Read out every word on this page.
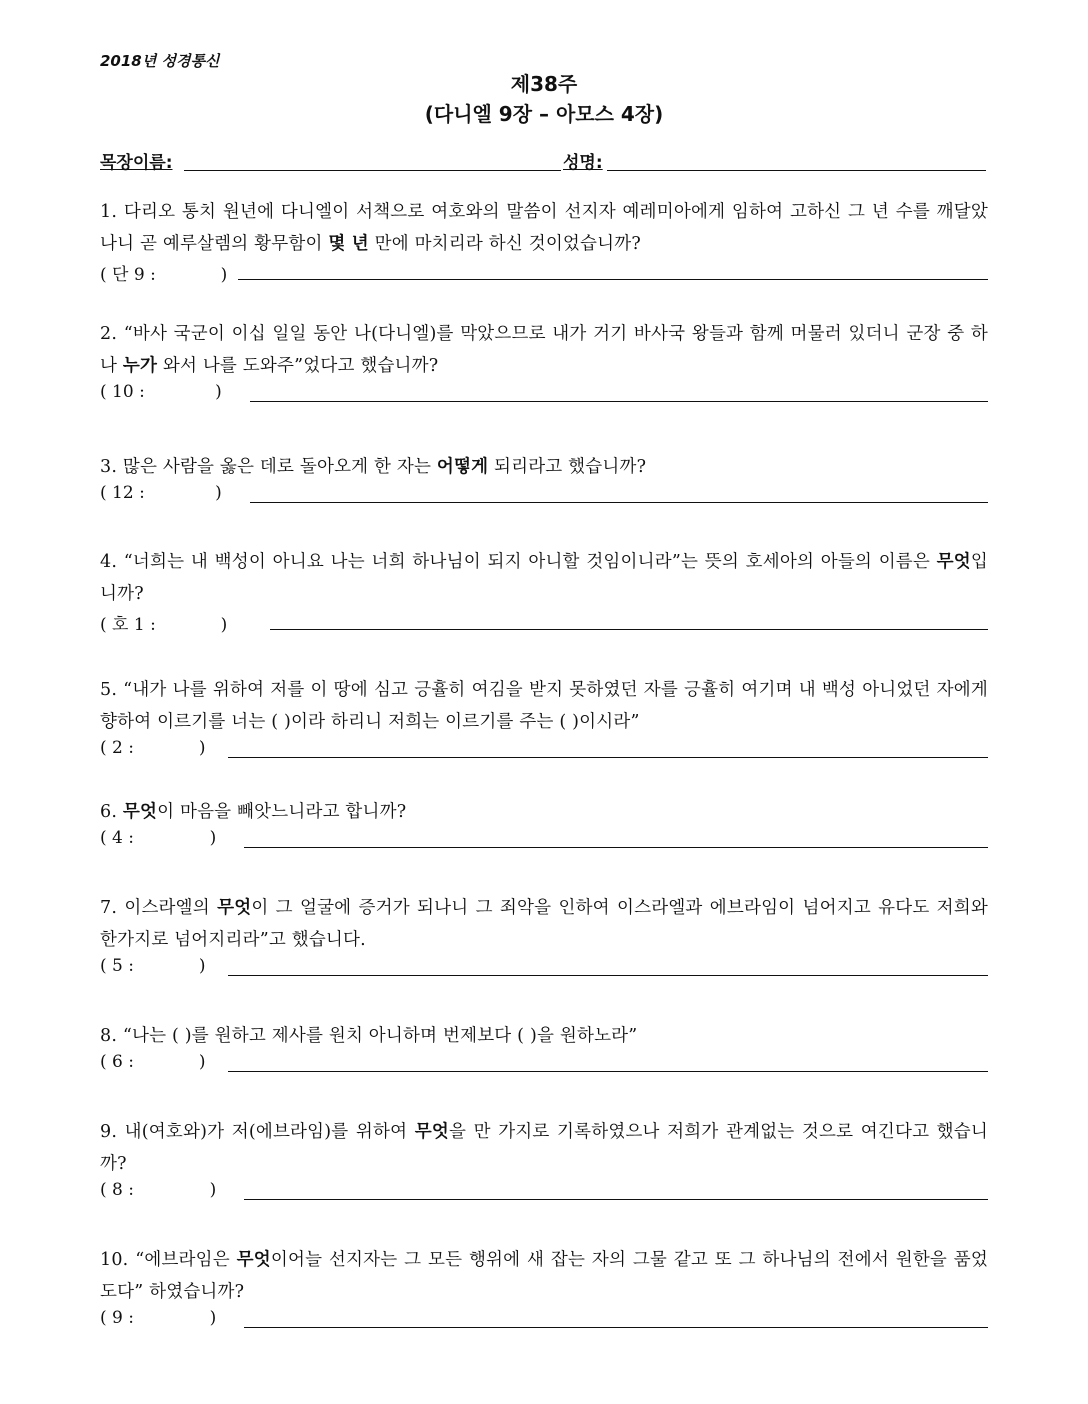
2018년 성경통신
제38주
(다니엘 9장 – 아모스 4장)
목장이름:	성명:
1. 다리오 통치 원년에 다니엘이 서책으로 여호와의 말씀이 선지자 예레미아에게 임하여 고하신 그 년 수를 깨달았나니 곧 예루살렘의 황무함이 몇 년 만에 마치리라 하신 것이었습니까?
( 단 9 :	)
2. “바사 국군이 이십 일일 동안 나(다니엘)를 막았으므로 내가 거기 바사국 왕들과 함께 머물러 있더니 군장 중 하나 누가 와서 나를 도와주”었다고 했습니까?
( 10 :	)
3. 많은 사람을 옳은 데로 돌아오게 한 자는 어떻게 되리라고 했습니까?
( 12 :	)
4. “너희는 내 백성이 아니요 나는 너희 하나님이 되지 아니할 것임이니라”는 뜻의 호세아의 아들의 이름은 무엇입니까?
( 호 1 :	)
5. “내가 나를 위하여 저를 이 땅에 심고 긍휼히 여김을 받지 못하였던 자를 긍휼히 여기며 내 백성 아니었던 자에게 향하여 이르기를 너는 ( )이라 하리니 저희는 이르기를 주는 ( )이시라”
( 2 :	)
6. 무엇이 마음을 빼앗느니라고 합니까?
( 4 :	)
7. 이스라엘의 무엇이 그 얼굴에 증거가 되나니 그 죄악을 인하여 이스라엘과 에브라임이 넘어지고 유다도 저희와 한가지로 넘어지리라”고 했습니다.
( 5 :	)
8. “나는 ( )를 원하고 제사를 원치 아니하며 번제보다 ( )을 원하노라”
( 6 :	)
9. 내(여호와)가 저(에브라임)를 위하여 무엇을 만 가지로 기록하였으나 저희가 관계없는 것으로 여긴다고 했습니까?
( 8 :	)
10. “에브라임은 무엇이어늘 선지자는 그 모든 행위에 새 잡는 자의 그물 같고 또 그 하나님의 전에서 원한을 품었도다” 하였습니까?
( 9 :	)
